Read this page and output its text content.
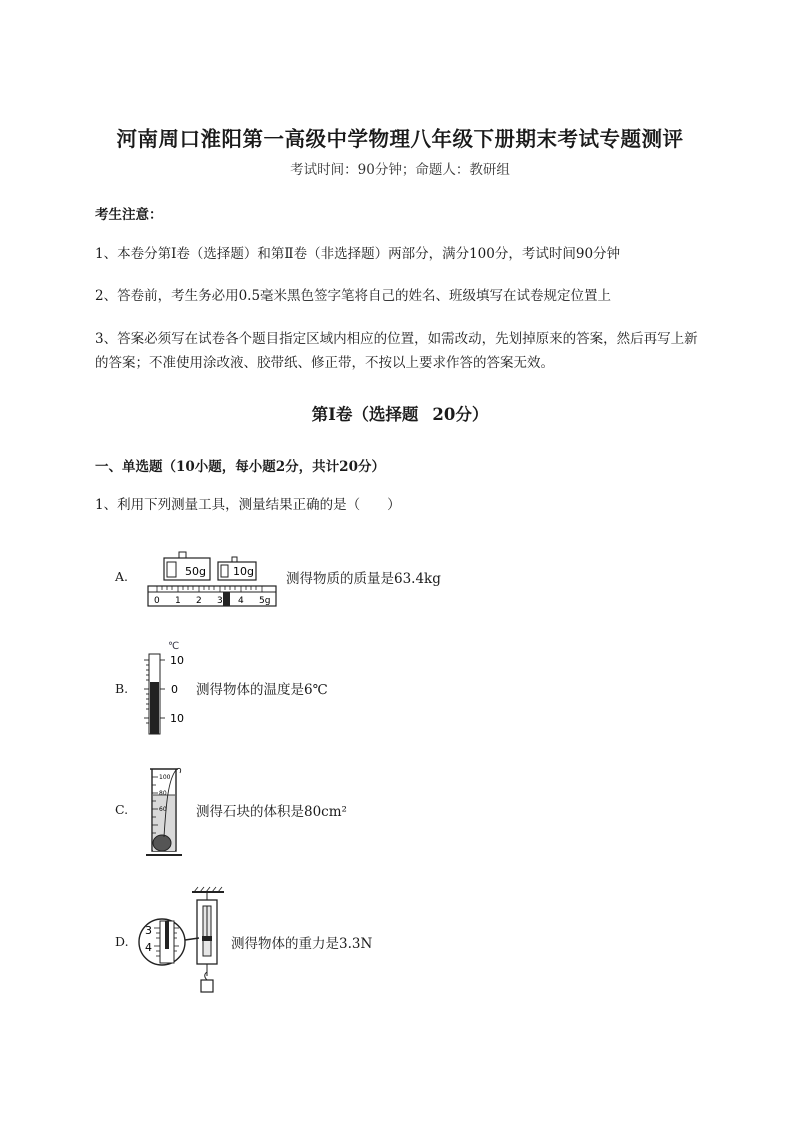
河南周口淮阳第一高级中学物理八年级下册期末考试专题测评
考试时间：90分钟；命题人：教研组
考生注意：
1、本卷分第Ⅰ卷（选择题）和第Ⅱ卷（非选择题）两部分，满分100分，考试时间90分钟
2、答卷前，考生务必用0.5毫米黑色签字笔将自己的姓名、班级填写在试卷规定位置上
3、答案必须写在试卷各个题目指定区域内相应的位置，如需改动，先划掉原来的答案，然后再写上新的答案；不准使用涂改液、胶带纸、修正带，不按以上要求作答的答案无效。
第Ⅰ卷（选择题 20分）
一、单选题（10小题，每小题2分，共计20分）
1、利用下列测量工具，测量结果正确的是（　　）
A.	50g 10g
0 1 2 3 4 5g
测得物质的质量是63.4kg
B.
℃
10
0
10
测得物体的温度是6℃
C.
100
80
60 测得石块的体积是80cm²
D.
3
4	测得物体的重力是3.3N
